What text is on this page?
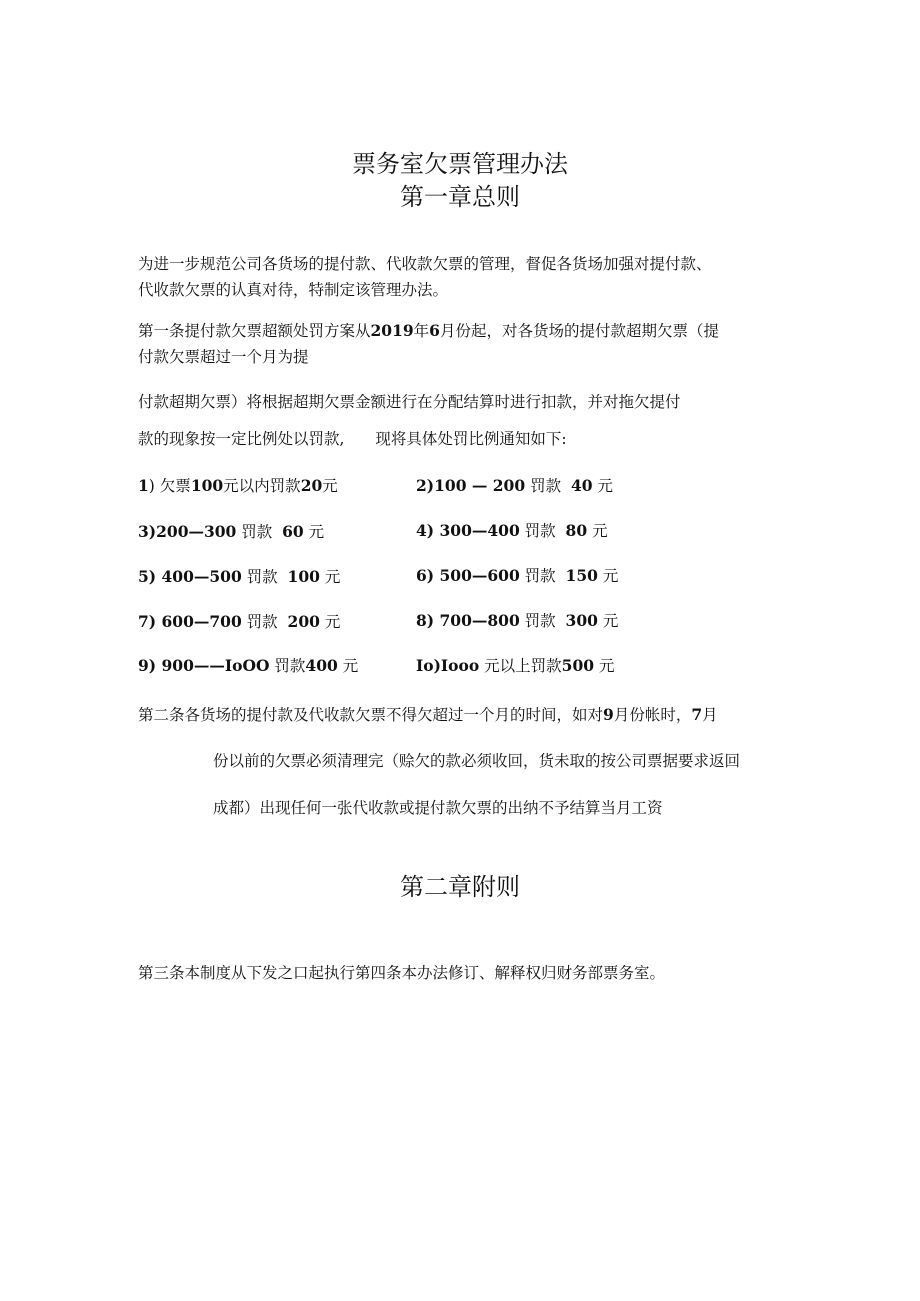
票务室欠票管理办法
第一章总则
为进一步规范公司各货场的提付款、代收款欠票的管理，督促各货场加强对提付款、
代收款欠票的认真对待，特制定该管理办法。
第一条提付款欠票超额处罚方案从2019年6月份起，对各货场的提付款超期欠票（提
付款欠票超过一个月为提
付款超期欠票）将根据超期欠票金额进行在分配结算时进行扣款，并对拖欠提付
款的现象按一定比例处以罚款,　　现将具体处罚比例通知如下:
1) 欠票100元以内罚款20元	2)100 — 200 罚款 40 元
3)200—300 罚款 60 元	4) 300—400 罚款 80 元
5) 400—500 罚款 100 元	6) 500—600 罚款 150 元
7) 600—700 罚款 200 元	8) 700—800 罚款 300 元
9) 900——IoOO 罚款400 元	Io)Iooo 元以上罚款500 元
第二条各货场的提付款及代收款欠票不得欠超过一个月的时间，如对9月份帐时，7月
份以前的欠票必须清理完（赊欠的款必须收回，货未取的按公司票据要求返回
成都）出现任何一张代收款或提付款欠票的出纳不予结算当月工资
第二章附则
第三条本制度从下发之口起执行第四条本办法修订、解释权归财务部票务室。
